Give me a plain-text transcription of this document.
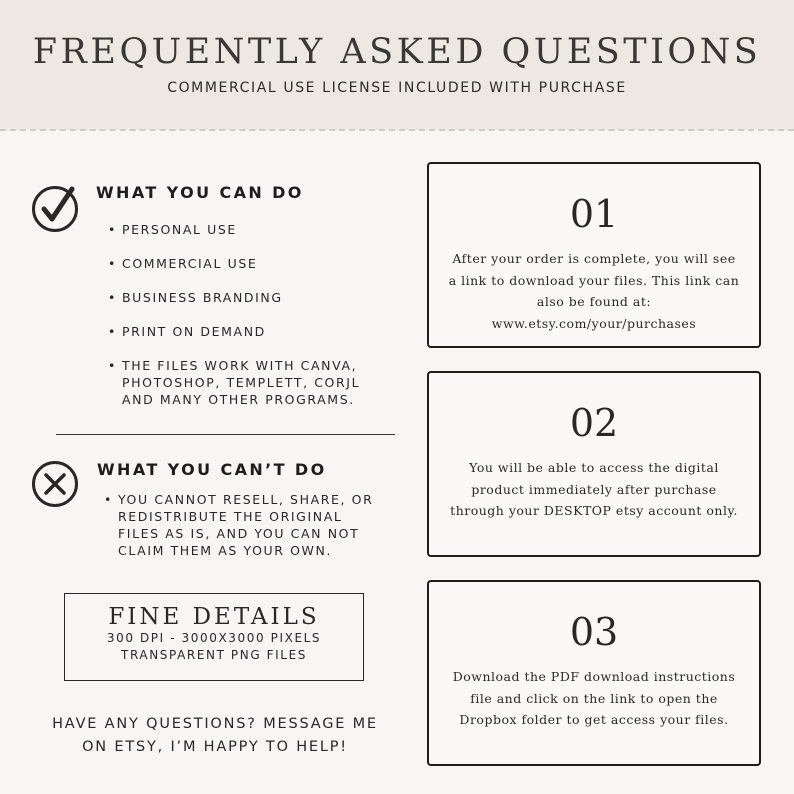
FREQUENTLY ASKED QUESTIONS
COMMERCIAL USE LICENSE INCLUDED WITH PURCHASE
WHAT YOU CAN DO
• PERSONAL USE
• COMMERCIAL USE
• BUSINESS BRANDING
• PRINT ON DEMAND
• THE FILES WORK WITH CANVA, PHOTOSHOP, TEMPLETT, CORJL AND MANY OTHER PROGRAMS.
WHAT YOU CAN’T DO
• YOU CANNOT RESELL, SHARE, OR REDISTRIBUTE THE ORIGINAL FILES AS IS, AND YOU CAN NOT CLAIM THEM AS YOUR OWN.
FINE DETAILS
300 DPI - 3000X3000 PIXELS
TRANSPARENT PNG FILES
HAVE ANY QUESTIONS? MESSAGE ME ON ETSY, I’M HAPPY TO HELP!
01
After your order is complete, you will see a link to download your files. This link can also be found at: www.etsy.com/your/purchases
02
You will be able to access the digital product immediately after purchase through your DESKTOP etsy account only.
03
Download the PDF download instructions file and click on the link to open the Dropbox folder to get access your files.
